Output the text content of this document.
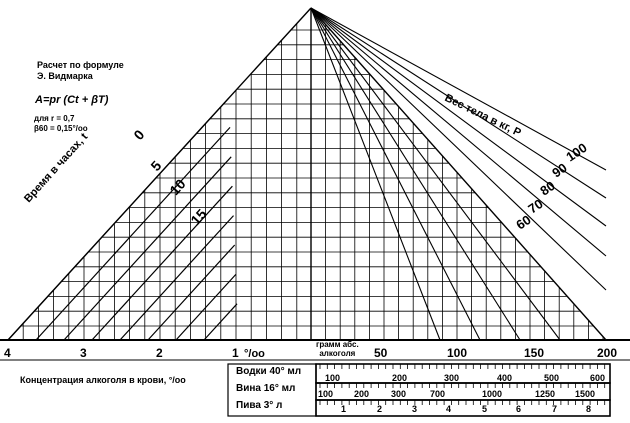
100
90
80
70
60
0
5
10
15
4	3	2	1 °/oo	50	100	150	200
100	200	300	400	500	600
100 200 300	700	1000	1250 1500
1	2	3	4	5	6	7	8
Расчет по формуле
Э. Видмарка
A=pr (Ct + βT)
для r = 0,7
β60 = 0,15°/oo	Вес тела в кг, P
Время в часах, t
грамм абс.
алкоголя
Концентрация алкоголя в крови, °/oo
Водки 40° мл
Вина 16° мл
Пива 3° л
